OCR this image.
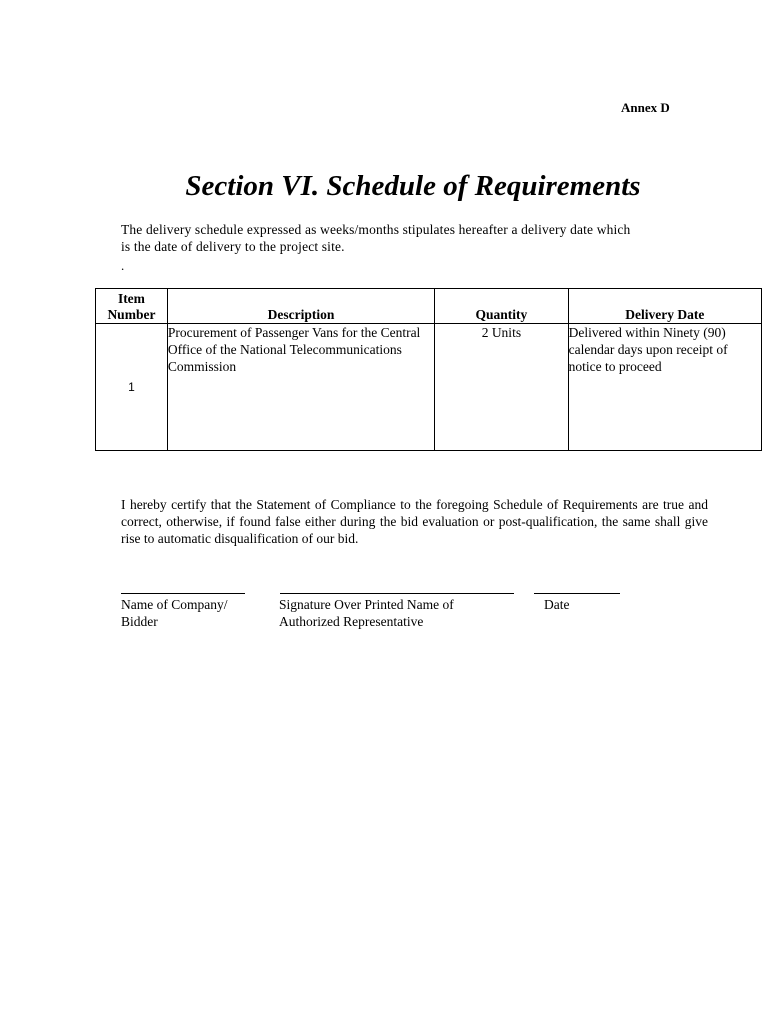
Annex D
Section VI. Schedule of Requirements

The delivery schedule expressed as weeks/months stipulates hereafter a delivery date which

is the date of delivery to the project site.

.
Item
Number	Description	Quantity	Delivery Date
1	Procurement of Passenger Vans for the Central Office of the National Telecommunications Commission	2 Units	Delivered within Ninety (90) calendar days upon receipt of notice to proceed

I hereby certify that the Statement of Compliance to the foregoing Schedule of Requirements are true and correct, otherwise, if found false either during the bid evaluation or post-qualification, the same shall give rise to automatic disqualification of our bid.

Name of Company/
Bidder
Signature Over Printed Name of
Authorized Representative
Date
